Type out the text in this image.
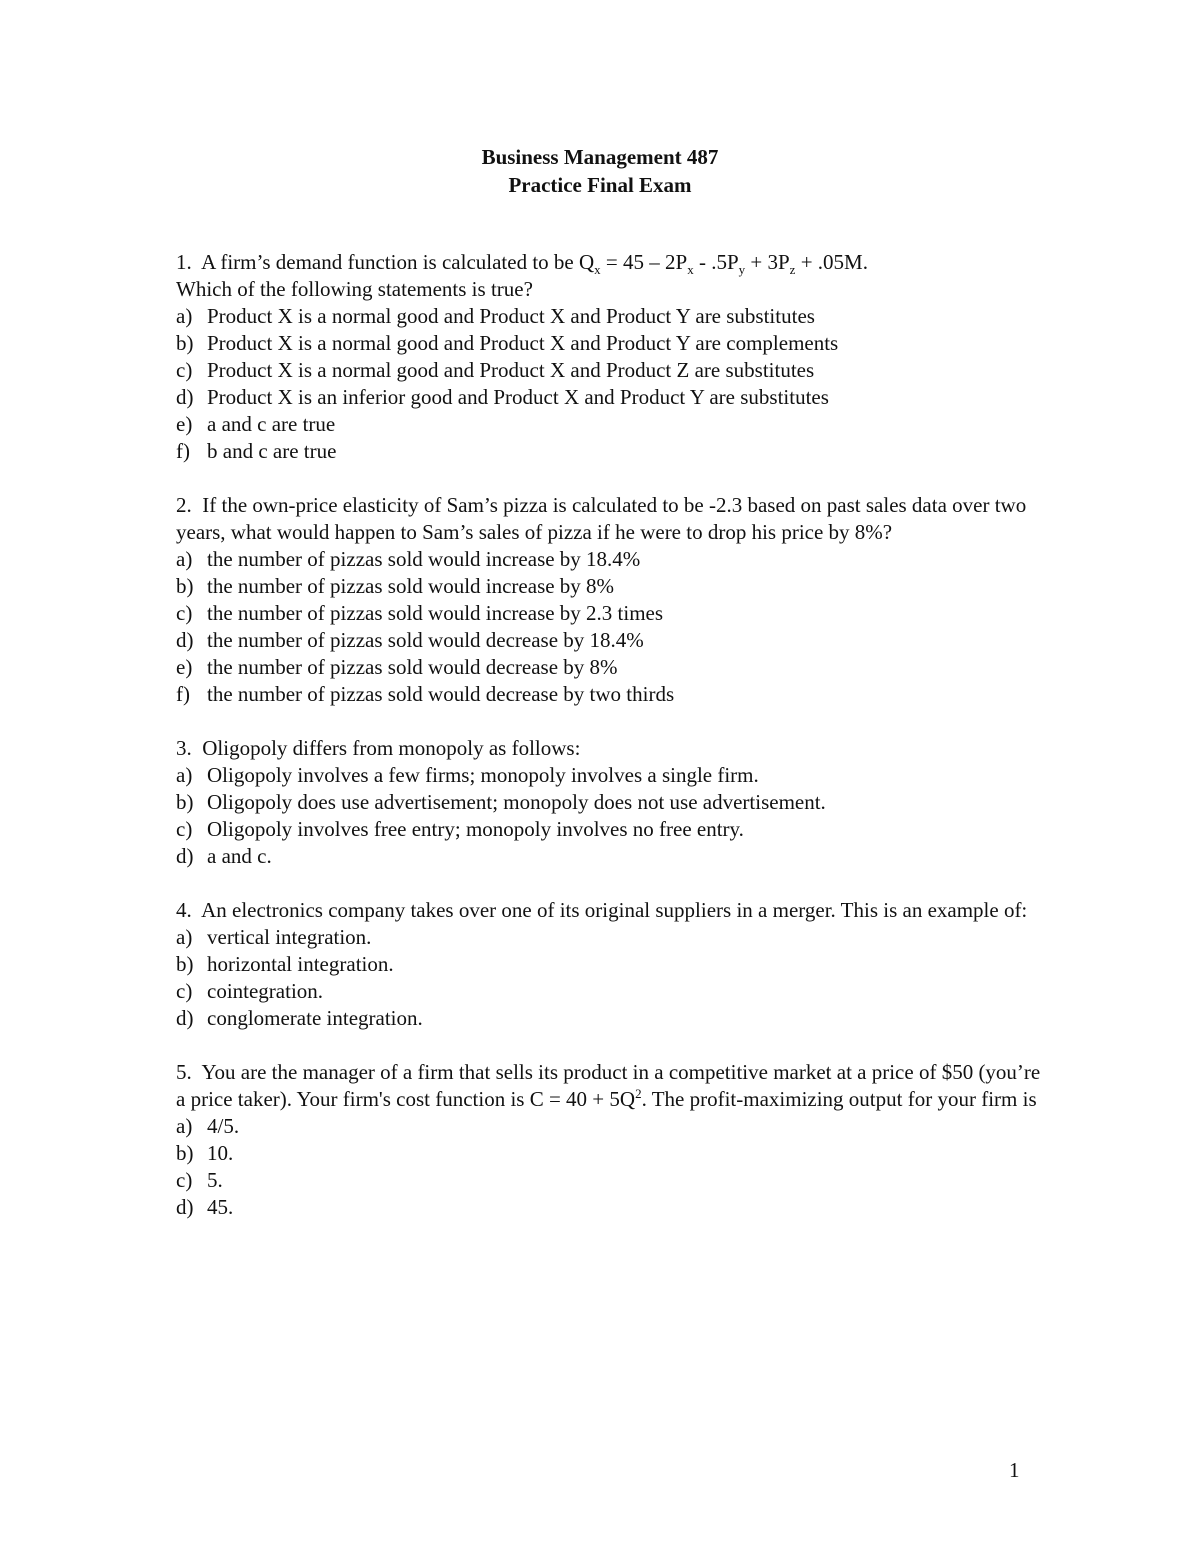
Business Management 487
Practice Final Exam

1. A firm’s demand function is calculated to be $Q_x = 45 - 2P_x - .5P_y + 3P_z + .05M$.

Which of the following statements is true?

a) Product X is a normal good and Product X and Product Y are substitutes

b) Product X is a normal good and Product X and Product Y are complements

c) Product X is a normal good and Product X and Product Z are substitutes

d) Product X is an inferior good and Product X and Product Y are substitutes

e) a and c are true

f) b and c are true

2. If the own-price elasticity of Sam’s pizza is calculated to be -2.3 based on past sales data over two years, what would happen to Sam’s sales of pizza if he were to drop his price by 8%?

a) the number of pizzas sold would increase by 18.4%

b) the number of pizzas sold would increase by 8%

c) the number of pizzas sold would increase by 2.3 times

d) the number of pizzas sold would decrease by 18.4%

e) the number of pizzas sold would decrease by 8%

f) the number of pizzas sold would decrease by two thirds

3. Oligopoly differs from monopoly as follows:

a) Oligopoly involves a few firms; monopoly involves a single firm.

b) Oligopoly does use advertisement; monopoly does not use advertisement.

c) Oligopoly involves free entry; monopoly involves no free entry.

d) a and c.

4. An electronics company takes over one of its original suppliers in a merger. This is an example of:

a) vertical integration.

b) horizontal integration.

c) cointegration.

d) conglomerate integration.

5. You are the manager of a firm that sells its product in a competitive market at a price of $50 (you’re a price taker). Your firm's cost function is $C = 40 + 5Q^2$. The profit-maximizing output for your firm is

a) 4/5.

b) 10.

c) 5.

d) 45.

1
